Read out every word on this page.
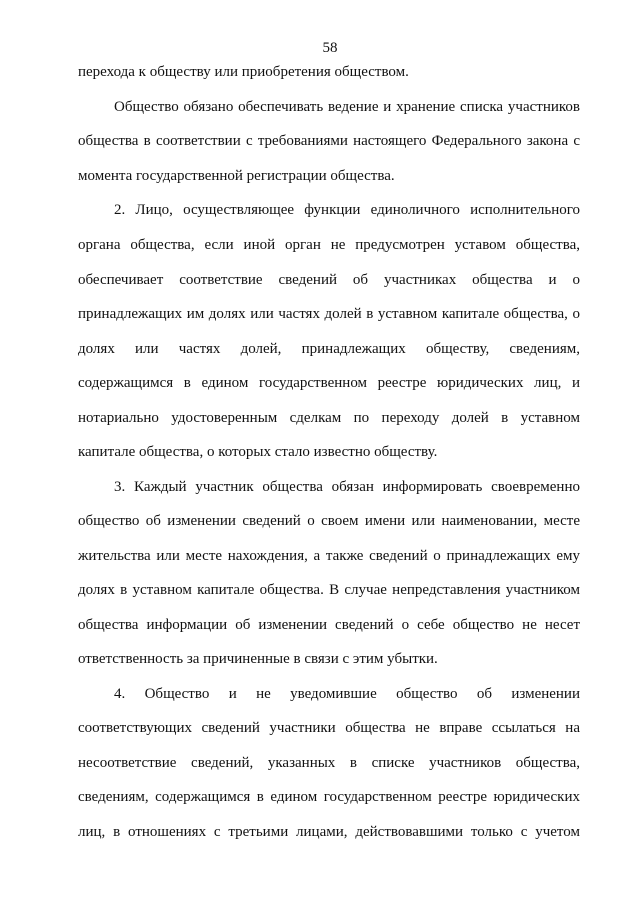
58
перехода к обществу или приобретения обществом.
Общество обязано обеспечивать ведение и хранение списка участников
общества в соответствии с требованиями настоящего Федерального закона с
момента государственной регистрации общества.
2. Лицо, осуществляющее функции единоличного исполнительного
органа общества, если иной орган не предусмотрен уставом общества,
обеспечивает соответствие сведений об участниках общества и о
принадлежащих им долях или частях долей в уставном капитале общества, о
долях или частях долей, принадлежащих обществу, сведениям,
содержащимся в едином государственном реестре юридических лиц, и
нотариально удостоверенным сделкам по переходу долей в уставном
капитале общества, о которых стало известно обществу.
3. Каждый участник общества обязан информировать своевременно
общество об изменении сведений о своем имени или наименовании, месте
жительства или месте нахождения, а также сведений о принадлежащих ему
долях в уставном капитале общества. В случае непредставления участником
общества информации об изменении сведений о себе общество не несет
ответственность за причиненные в связи с этим убытки.
4. Общество и не уведомившие общество об изменении
соответствующих сведений участники общества не вправе ссылаться на
несоответствие сведений, указанных в списке участников общества,
сведениям, содержащимся в едином государственном реестре юридических
лиц, в отношениях с третьими лицами, действовавшими только с учетом
